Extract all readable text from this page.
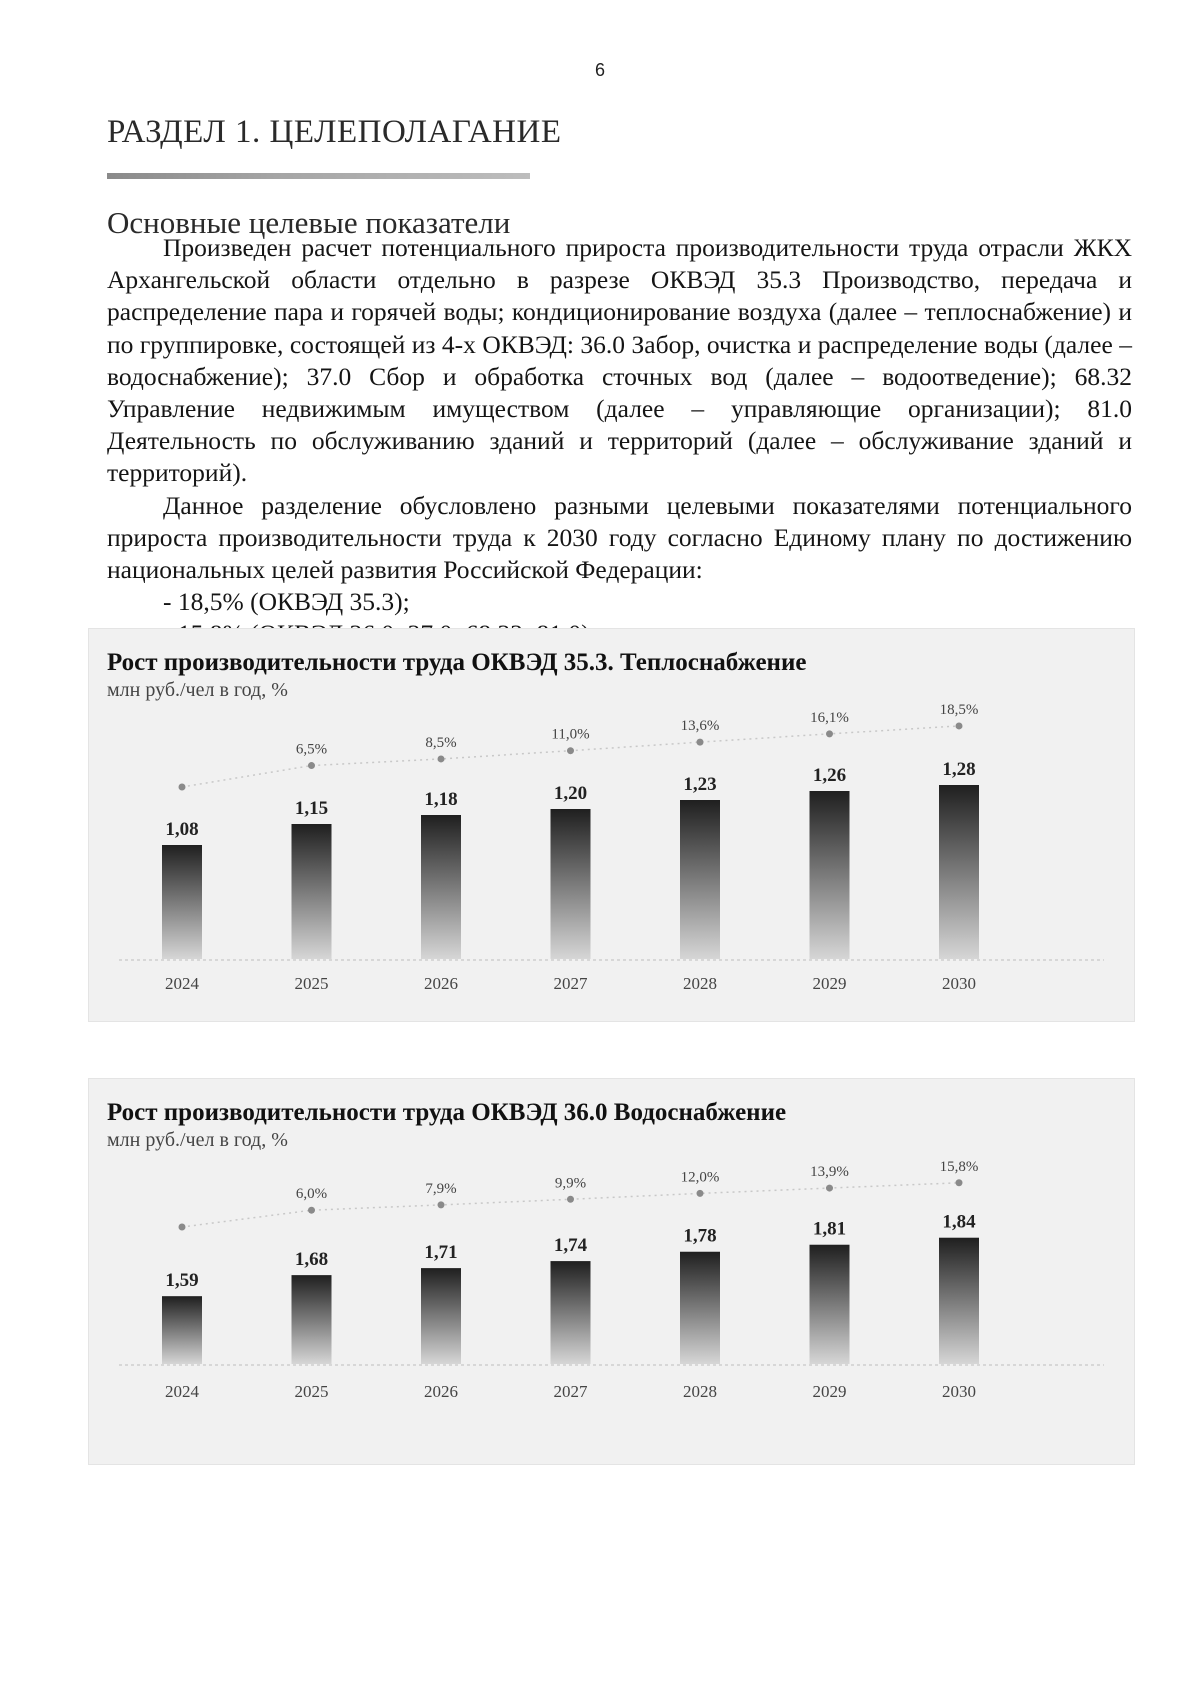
6
РАЗДЕЛ 1. ЦЕЛЕПОЛАГАНИЕ
Основные целевые показатели

Произведен расчет потенциального прироста производительности труда отрасли ЖКХ Архангельской области отдельно в разрезе ОКВЭД 35.3 Производство, передача и распределение пара и горячей воды; кондиционирование воздуха (далее – теплоснабжение) и по группировке, состоящей из 4-х ОКВЭД: 36.0 Забор, очистка и распределение воды (далее – водоснабжение); 37.0 Сбор и обработка сточных вод (далее – водоотведение); 68.32 Управление недвижимым имуществом (далее – управляющие организации); 81.0 Деятельность по обслуживанию зданий и территорий (далее – обслуживание зданий и территорий).

Данное разделение обусловлено разными целевыми показателями потенциального прироста производительности труда к 2030 году согласно Единому плану по достижению национальных целей развития Российской Федерации:

- 18,5% (ОКВЭД 35.3);

Рост производительности труда ОКВЭД 35.3. Теплоснабжение
млн руб./чел в год, %
1,08
2024
1,15
6,5%
2025
1,18
8,5%
2026
1,20
11,0%
2027
1,23
13,6%
2028
1,26
16,1%
2029
1,28
18,5%
2030
Рост производительности труда ОКВЭД 36.0 Водоснабжение
млн руб./чел в год, %
1,59
2024
1,68
6,0%
2025
1,71
7,9%
2026
1,74
9,9%
2027
1,78
12,0%
2028
1,81
13,9%
2029
1,84
15,8%
2030
